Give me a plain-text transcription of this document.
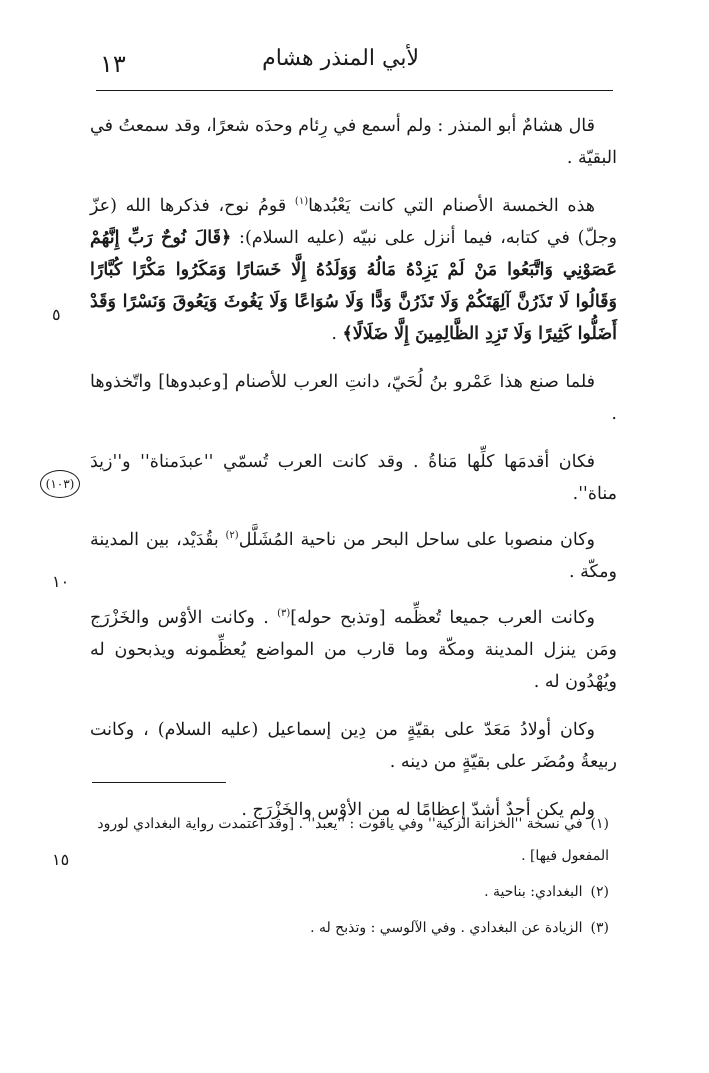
١٣	لأبي المنذر هشام
٥
(١٠٣)
١٠
١٥

قال هشامٌ أبو المنذر : ولم أسمع في رِئام وحدَه شعرًا، وقد سمعتُ في البقيّة .

هذه الخمسة الأصنام التي كانت يَعْبُدها$^{(١)}$ قومُ نوح، فذكرها الله (عزّ وجلّ) في كتابه، فيما أنزل على نبيّه (عليه السلام): ﴿قَالَ نُوحٌ رَبِّ إِنَّهُمْ عَصَوْنِي وَاتَّبَعُوا مَنْ لَمْ يَزِدْهُ مَالُهُ وَوَلَدُهُ إِلَّا خَسَارًا وَمَكَرُوا مَكْرًا كُبَّارًا وَقَالُوا لَا تَذَرُنَّ آلِهَتَكُمْ وَلَا تَذَرُنَّ وَدًّا وَلَا سُوَاعًا وَلَا يَغُوثَ وَيَعُوقَ وَنَسْرًا وَقَدْ أَضَلُّوا كَثِيرًا وَلَا تَزِدِ الظَّالِمِينَ إِلَّا ضَلَالًا﴾ .

فلما صنع هذا عَمْرو بنُ لُحَيّ، دانتِ العرب للأصنام [وعبدوها] واتّخذوها .

فكان أقدمَها كلِّها مَناةُ . وقد كانت العرب تُسمّي ''عبدَمناة'' و''زيدَ مناة''.

وكان منصوبا على ساحل البحر من ناحية المُشَلَّل$^{(٢)}$ بقُدَيْد، بين المدينة ومكّة .

وكانت العرب جميعا تُعظِّمه [وتذبح حوله]$^{(٣)}$ . وكانت الأوْس والخَزْرَج ومَن ينزل المدينة ومكّة وما قارب من المواضع يُعظِّمونه ويذبحون له ويُهْدُون له .

وكان أولادُ مَعَدّ على بقيّةٍ من دِين إسماعيل (عليه السلام) ، وكانت ربيعةُ ومُضَر على بقيّةٍ من دينه .

ولم يكن أحدٌ أشدّ إعظامًا له من الأوْس والخَزْرَج .

(١)في نسخة ''الخزانة الزكية'' وفي ياقوت : ''يعبد'' . [وقد اعتمدت رواية البغدادي لورود المفعول فيها] .

(٢)البغدادي: بناحية .

(٣)الزيادة عن البغدادي . وفي الآلوسي : وتذبح له .
